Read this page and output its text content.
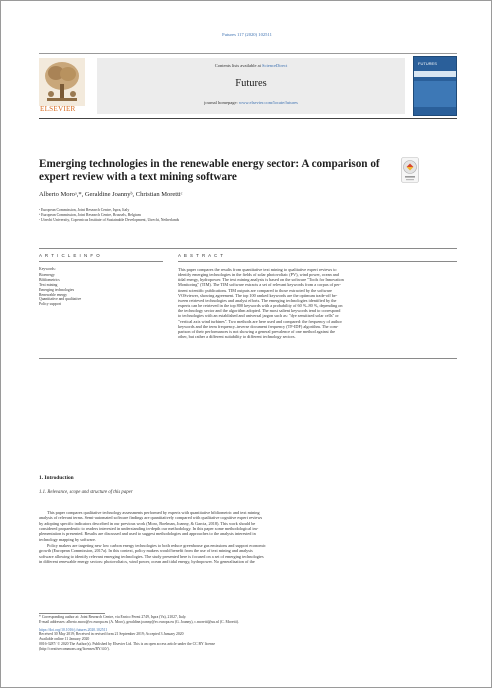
Futures 117 (2020) 102511
ELSEVIER
Contents lists available at ScienceDirect
Futures
journal homepage: www.elsevier.com/locate/futures
FUTURES
Emerging technologies in the renewable energy sector: A comparison of expert review with a text mining software
Alberto Moroᵃ,*, Geraldine Joannyᵇ, Christian Morettiᶜ
ᵃ European Commission, Joint Research Centre, Ispra, Italy
ᵇ European Commission, Joint Research Centre, Brussels, Belgium
ᶜ Utrecht University, Copernicus Institute of Sustainable Development, Utrecht, Netherlands
A R T I C L E I N F O	A B S T R A C T
Keywords:
Bioenergy
Bibliometrics
Text mining
Emerging technologies
Renewable energy
Quantitative and qualitative
Policy support
This paper compares the results from quantitative text mining to qualitative expert reviews to
identify emerging technologies in the fields of solar photovoltaic (PV), wind power, ocean and
tidal energy, hydropower. The text mining analysis is based on the software "Tools for Innovation
Monitoring" (TIM). The TIM software extracts a set of relevant keywords from a corpus of per-
tinent scientific publications. TIM outputs are compared to those extracted by the software
VOSviewer, showing agreement. The top 100 ranked keywords are the optimum trade-off be-
tween retrieved technologies and analyst efforts. The emerging technologies identified by the
experts can be retrieved in the top 800 keywords with a probability of 60 %–80 %, depending on
the technology sector and the algorithm adopted. The most salient keywords tend to correspond
to technologies with an established and universal jargon such as: "dye sensitised solar cells" or
"vertical axis wind turbines". Two methods are here used and compared: the frequency of author
keywords and the term frequency–inverse document frequency (TF-IDF) algorithm. The com-
parison of their performances is not showing a general prevalence of one method against the
other, but rather a different suitability to different technology sectors.
1. Introduction
1.1. Relevance, scope and structure of this paper
This paper compares qualitative technology assessments performed by experts with quantitative bibliometric and text mining
analysis of relevant terms. Semi-automated software findings are quantitatively compared with qualitative cognitive expert reviews
by adopting specific indicators described in our previous work (Moro, Boelman, Joanny, & Garcia, 2018). This work should be
considered propaedeutic to readers interested in understanding in-depth our methodology. In this paper some methodological im-
plementation is presented. Results are discussed and used to suggest methodologies and approaches to the analysts interested in
technology mapping by software.
Policy makers are targeting new low carbon energy technologies to both reduce greenhouse gas emissions and support economic
growth (European Commission, 2017a). In this context, policy makers would benefit from the use of text mining and analysis
software allowing to identify relevant emerging technologies. The study presented here is focused on a set of emerging technologies
in different renewable energy sectors: photovoltaics, wind power, ocean and tidal energy, hydropower. No generalisation of the
* Corresponding author at: Joint Research Centre, via Enrico Fermi 2749, Ispra (Va), 21027, Italy.
E-mail addresses: alberto.moro@ec.europa.eu (A. Moro), geraldine.joanny@ec.europa.eu (G. Joanny), c.moretti@uu.nl (C. Moretti).
https://doi.org/10.1016/j.futures.2020.102511
Received 30 May 2019; Received in revised form 21 September 2019; Accepted 3 January 2020
Available online 11 January 2020
0016-3287/ © 2020 The Author(s). Published by Elsevier Ltd. This is an open access article under the CC BY license
(http://creativecommons.org/licenses/BY/4.0/).
